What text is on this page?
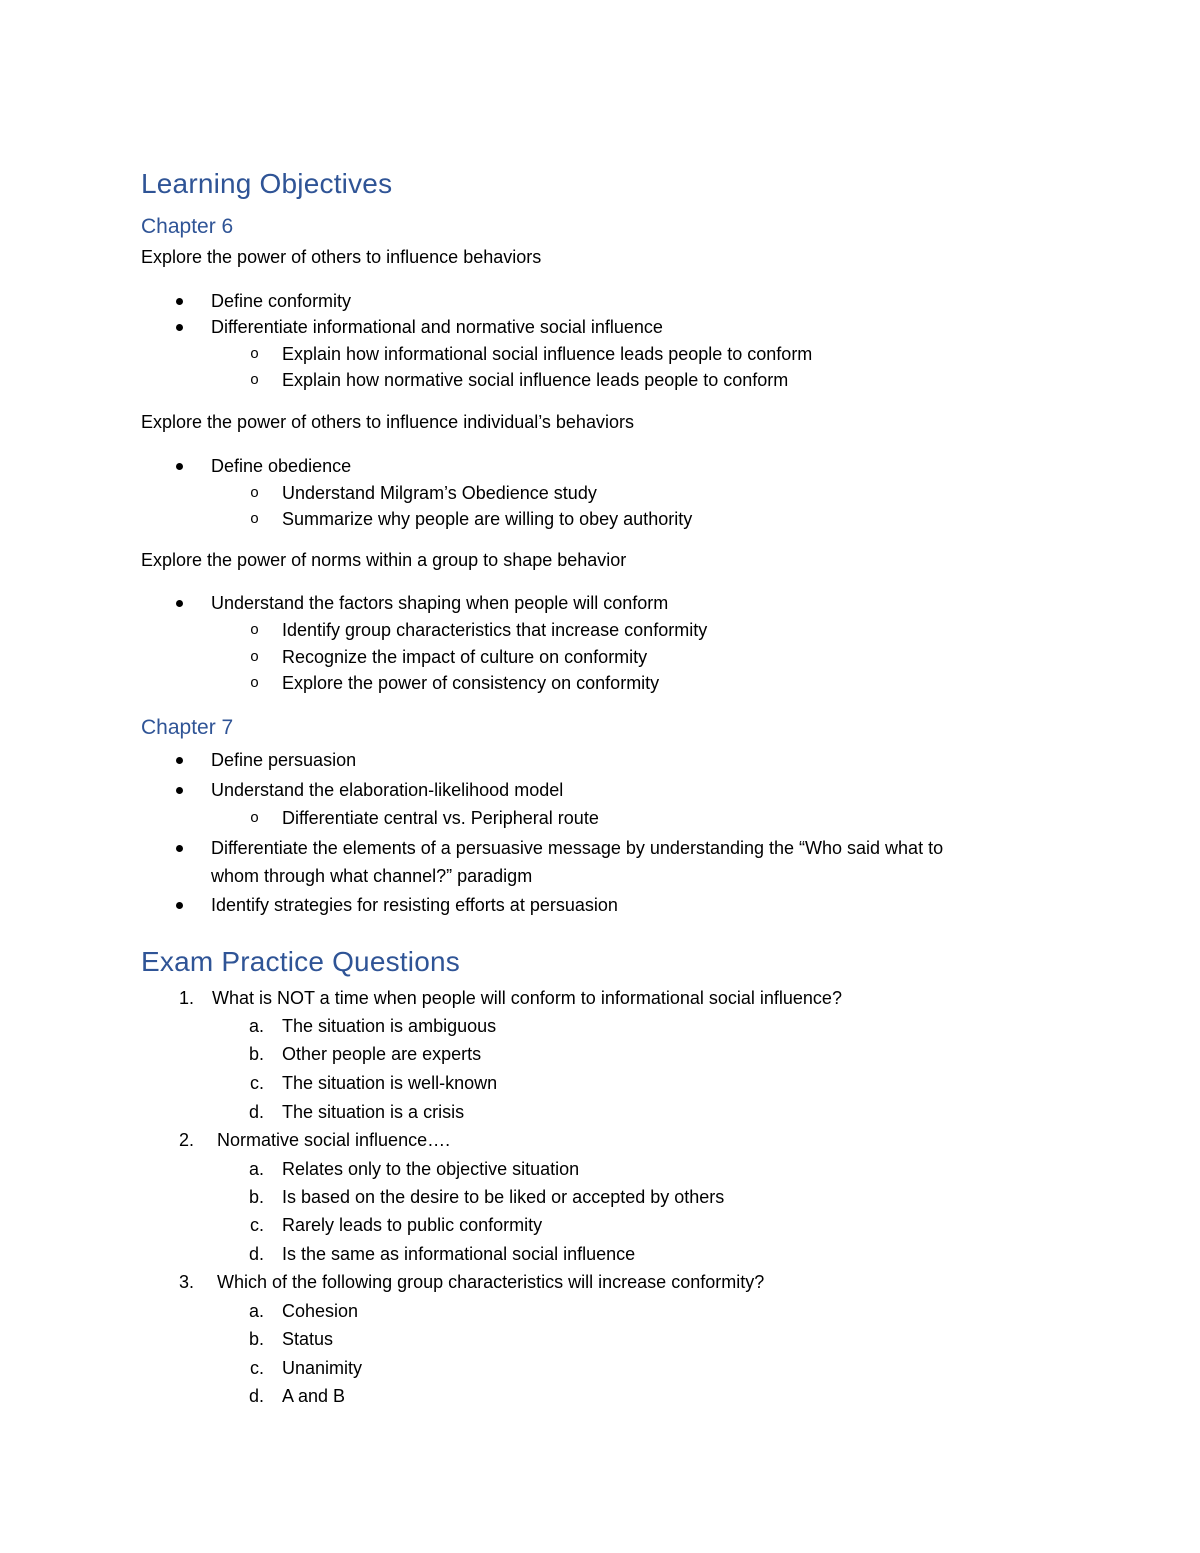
Learning Objectives
Chapter 6

Explore the power of others to influence behaviors

Define conformity

Differentiate informational and normative social influence

o Explain how informational social influence leads people to conform

o Explain how normative social influence leads people to conform

Explore the power of others to influence individual’s behaviors

Define obedience

o Understand Milgram’s Obedience study

o Summarize why people are willing to obey authority

Explore the power of norms within a group to shape behavior

Understand the factors shaping when people will conform

o Identify group characteristics that increase conformity

o Recognize the impact of culture on conformity

o Explore the power of consistency on conformity

Chapter 7

Define persuasion

Understand the elaboration-likelihood model

o Differentiate central vs. Peripheral route

Differentiate the elements of a persuasive message by understanding the “Who said what to

whom through what channel?” paradigm

Identify strategies for resisting efforts at persuasion

Exam Practice Questions
1. What is NOT a time when people will conform to informational social influence?

a. The situation is ambiguous

b. Other people are experts

c. The situation is well-known

d. The situation is a crisis

2. Normative social influence….

a. Relates only to the objective situation

b. Is based on the desire to be liked or accepted by others

c. Rarely leads to public conformity

d. Is the same as informational social influence

3. Which of the following group characteristics will increase conformity?

a. Cohesion

b. Status

c. Unanimity

d. A and B
